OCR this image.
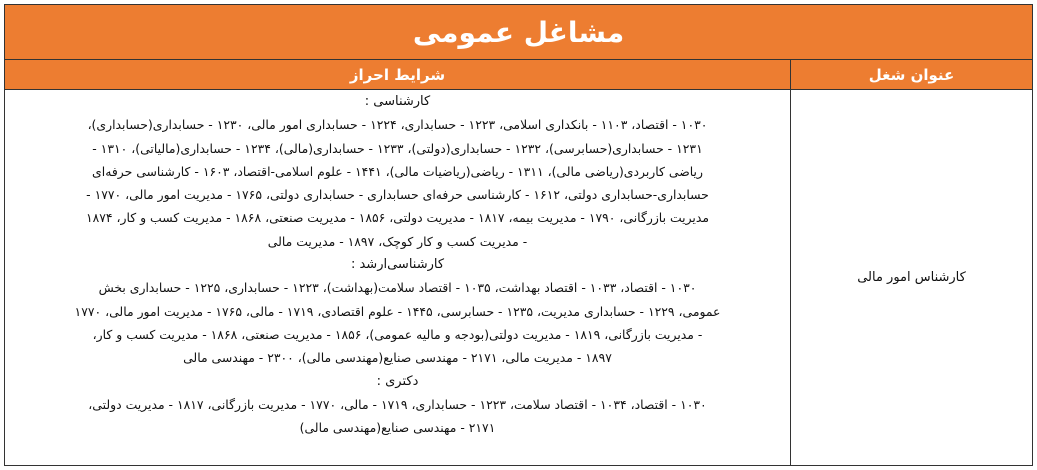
مشاغل عمومی
عنوان شغل
شرایط احراز
کارشناس امور مالی
کارشناسی :
۱۰۳۰ - اقتصاد، ۱۱۰۳ - بانکداری اسلامی، ۱۲۲۳ - حسابداری، ۱۲۲۴ - حسابداری امور مالی، ۱۲۳۰ - حسابداری(حسابداری)،
۱۲۳۱ - حسابداری(حسابرسی)، ۱۲۳۲ - حسابداری(دولتی)، ۱۲۳۳ - حسابداری(مالی)، ۱۲۳۴ - حسابداری(مالیاتی)، ۱۳۱۰ -
ریاضی کاربردی(ریاضی مالی)، ۱۳۱۱ - ریاضی(ریاضیات مالی)، ۱۴۴۱ - علوم اسلامی-اقتصاد، ۱۶۰۳ - کارشناسی حرفه‌ای
حسابداری-حسابداری دولتی، ۱۶۱۲ - کارشناسی حرفه‌ای حسابداری - حسابداری دولتی، ۱۷۶۵ - مدیریت امور مالی، ۱۷۷۰ -
مدیریت بازرگانی، ۱۷۹۰ - مدیریت بیمه، ۱۸۱۷ - مدیریت دولتی، ۱۸۵۶ - مدیریت صنعتی، ۱۸۶۸ - مدیریت کسب و کار، ۱۸۷۴
- مدیریت کسب و کار کوچک، ۱۸۹۷ - مدیریت مالی
کارشناسی‌ارشد :
۱۰۳۰ - اقتصاد، ۱۰۳۳ - اقتصاد بهداشت، ۱۰۳۵ - اقتصاد سلامت(بهداشت)، ۱۲۲۳ - حسابداری، ۱۲۲۵ - حسابداری بخش
عمومی، ۱۲۲۹ - حسابداری مدیریت، ۱۲۳۵ - حسابرسی، ۱۴۴۵ - علوم اقتصادی، ۱۷۱۹ - مالی، ۱۷۶۵ - مدیریت امور مالی، ۱۷۷۰
- مدیریت بازرگانی، ۱۸۱۹ - مدیریت دولتی(بودجه و مالیه عمومی)، ۱۸۵۶ - مدیریت صنعتی، ۱۸۶۸ - مدیریت کسب و کار،
۱۸۹۷ - مدیریت مالی، ۲۱۷۱ - مهندسی صنایع(مهندسی مالی)، ۲۳۰۰ - مهندسی مالی
دکتری :
۱۰۳۰ - اقتصاد، ۱۰۳۴ - اقتصاد سلامت، ۱۲۲۳ - حسابداری، ۱۷۱۹ - مالی، ۱۷۷۰ - مدیریت بازرگانی، ۱۸۱۷ - مدیریت دولتی،
۲۱۷۱ - مهندسی صنایع(مهندسی مالی)
